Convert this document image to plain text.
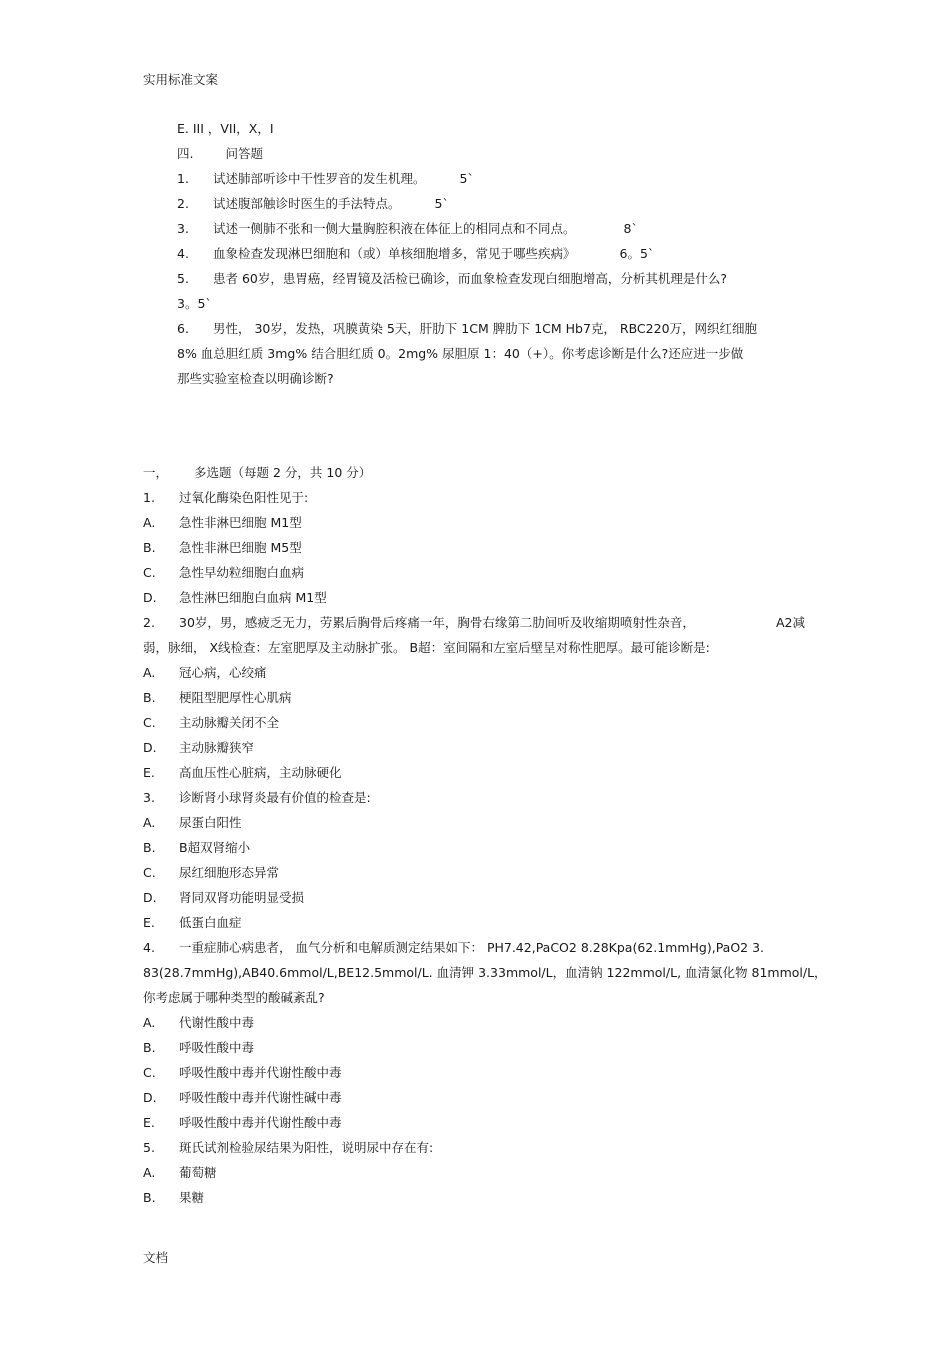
实用标准文案
E. III ，VII，X，I
四.	问答题
1. 试述肺部听诊中干性罗音的发生机理。	5`
2. 试述腹部触诊时医生的手法特点。	5`
3. 试述一侧肺不张和一侧大量胸腔积液在体征上的相同点和不同点。	8`
4. 血象检查发现淋巴细胞和（或）单核细胞增多，常见于哪些疾病》	6。5`
5. 患者 60岁，患胃癌，经胃镜及活检已确诊，而血象检查发现白细胞增高，分析其机理是什么?
3。5`
6. 男性， 30岁，发热，巩膜黄染 5天，肝肋下 1CM 脾肋下 1CM Hb7克， RBC220万，网织红细胞
8% 血总胆红质 3mg% 结合胆红质 0。2mg% 尿胆原 1：40（+）。你考虑诊断是什么?还应进一步做
那些实验室检查以明确诊断?
一， 多选题（每题 2 分，共 10 分）
1. 过氧化酶染色阳性见于:
A. 急性非淋巴细胞 M1型
B. 急性非淋巴细胞 M5型
C. 急性早幼粒细胞白血病
D. 急性淋巴细胞白血病 M1型
2. 30岁，男，感疲乏无力，劳累后胸骨后疼痛一年，胸骨右缘第二肋间听及收缩期喷射性杂音，	A2减
弱，脉细， X线检查：左室肥厚及主动脉扩张。 B超：室间隔和左室后壁呈对称性肥厚。最可能诊断是:
A. 冠心病，心绞痛
B. 梗阻型肥厚性心肌病
C. 主动脉瓣关闭不全
D. 主动脉瓣狭窄
E. 高血压性心脏病，主动脉硬化
3. 诊断肾小球肾炎最有价值的检查是:
A. 尿蛋白阳性
B. B超双肾缩小
C. 尿红细胞形态异常
D. 肾同双肾功能明显受损
E. 低蛋白血症
4. 一重症肺心病患者， 血气分析和电解质测定结果如下： PH7.42,PaCO2 8.28Kpa(62.1mmHg),PaO2 3.
83(28.7mmHg),AB40.6mmol/L,BE12.5mmol/L. 血清钾 3.33mmol/L，血清钠 122mmol/L, 血清氯化物 81mmol/L，
你考虑属于哪种类型的酸碱紊乱?
A. 代谢性酸中毒
B. 呼吸性酸中毒
C. 呼吸性酸中毒并代谢性酸中毒
D. 呼吸性酸中毒并代谢性碱中毒
E. 呼吸性酸中毒并代谢性酸中毒
5. 斑氏试剂检验尿结果为阳性，说明尿中存在有:
A. 葡萄糖
B. 果糖
文档
